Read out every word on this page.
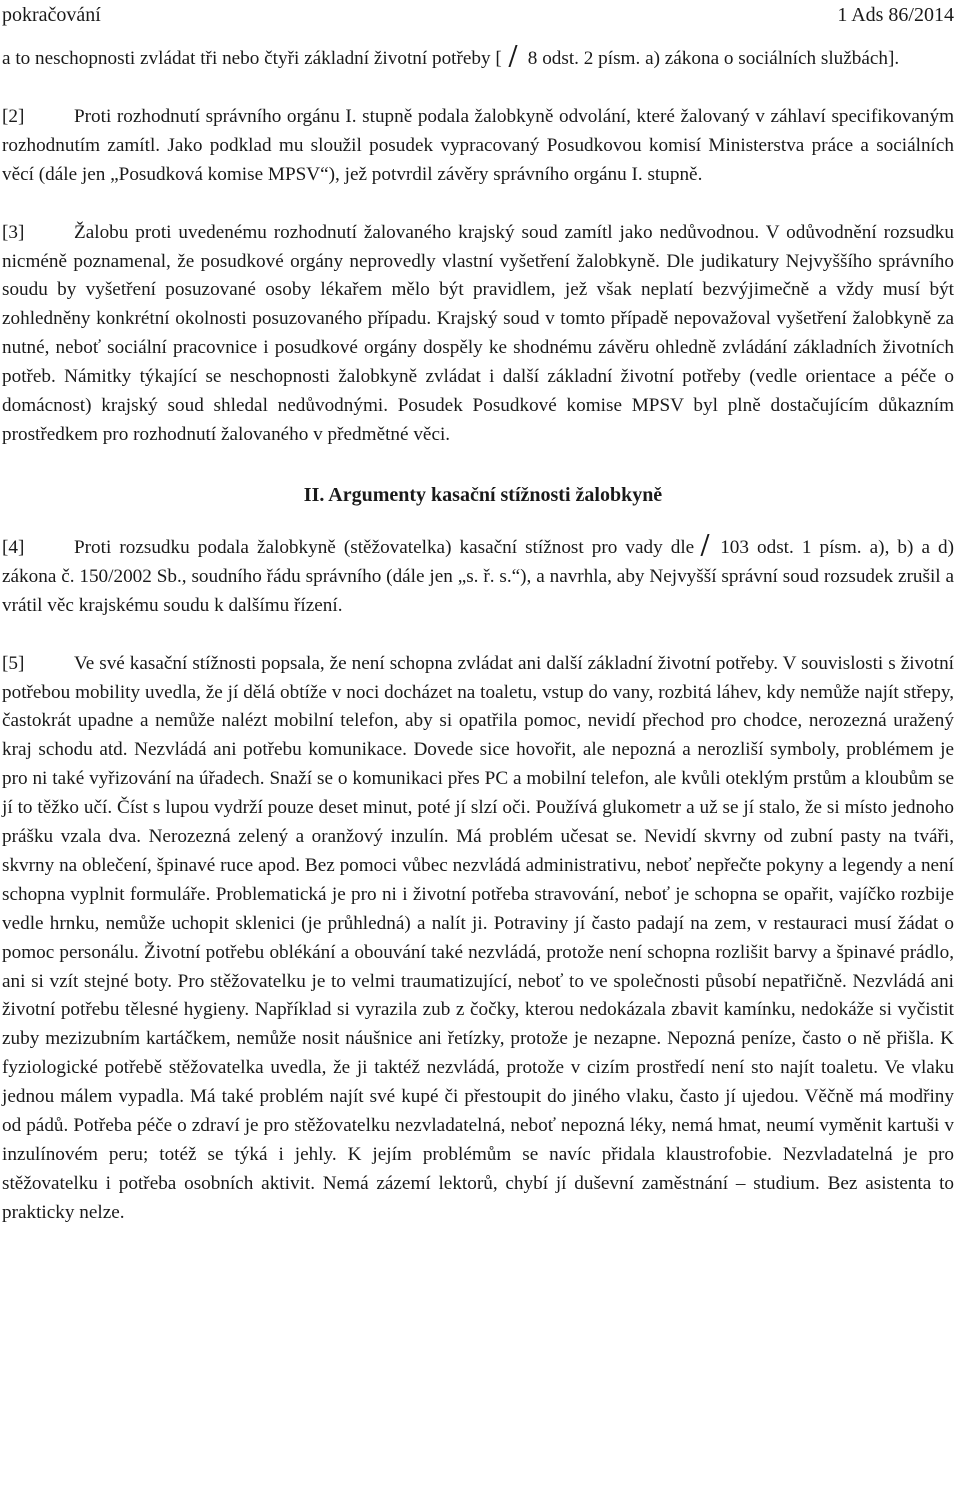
pokračování	1 Ads 86/2014

a to neschopnosti zvládat tři nebo čtyři základní životní potřeby [ 8 odst. 2 písm. a) zákona o sociálních službách].

[2]	Proti rozhodnutí správního orgánu I. stupně podala žalobkyně odvolání, které žalovaný v záhlaví specifikovaným rozhodnutím zamítl. Jako podklad mu sloužil posudek vypracovaný Posudkovou komisí Ministerstva práce a sociálních věcí (dále jen „Posudková komise MPSV“), jež potvrdil závěry správního orgánu I. stupně.

[3]	Žalobu proti uvedenému rozhodnutí žalovaného krajský soud zamítl jako nedůvodnou. V odůvodnění rozsudku nicméně poznamenal, že posudkové orgány neprovedly vlastní vyšetření žalobkyně. Dle judikatury Nejvyššího správního soudu by vyšetření posuzované osoby lékařem mělo být pravidlem, jež však neplatí bezvýjimečně a vždy musí být zohledněny konkrétní okolnosti posuzovaného případu. Krajský soud v tomto případě nepovažoval vyšetření žalobkyně za nutné, neboť sociální pracovnice i posudkové orgány dospěly ke shodnému závěru ohledně zvládání základních životních potřeb. Námitky týkající se neschopnosti žalobkyně zvládat i další základní životní potřeby (vedle orientace a péče o domácnost) krajský soud shledal nedůvodnými. Posudek Posudkové komise MPSV byl plně dostačujícím důkazním prostředkem pro rozhodnutí žalovaného v předmětné věci.

II. Argumenty kasační stížnosti žalobkyně

[4]	Proti rozsudku podala žalobkyně (stěžovatelka) kasační stížnost pro vady dle 103 odst. 1 písm. a), b) a d) zákona č. 150/2002 Sb., soudního řádu správního (dále jen „s. ř. s.“), a navrhla, aby Nejvyšší správní soud rozsudek zrušil a vrátil věc krajskému soudu k dalšímu řízení.

[5]	Ve své kasační stížnosti popsala, že není schopna zvládat ani další základní životní potřeby. V souvislosti s životní potřebou mobility uvedla, že jí dělá obtíže v noci docházet na toaletu, vstup do vany, rozbitá láhev, kdy nemůže najít střepy, častokrát upadne a nemůže nalézt mobilní telefon, aby si opatřila pomoc, nevidí přechod pro chodce, nerozezná uražený kraj schodu atd. Nezvládá ani potřebu komunikace. Dovede sice hovořit, ale nepozná a nerozliší symboly, problémem je pro ni také vyřizování na úřadech. Snaží se o komunikaci přes PC a mobilní telefon, ale kvůli oteklým prstům a kloubům se jí to těžko učí. Číst s lupou vydrží pouze deset minut, poté jí slzí oči. Používá glukometr a už se jí stalo, že si místo jednoho prášku vzala dva. Nerozezná zelený a oranžový inzulín. Má problém učesat se. Nevidí skvrny od zubní pasty na tváři, skvrny na oblečení, špinavé ruce apod. Bez pomoci vůbec nezvládá administrativu, neboť nepřečte pokyny a legendy a není schopna vyplnit formuláře. Problematická je pro ni i životní potřeba stravování, neboť je schopna se opařit, vajíčko rozbije vedle hrnku, nemůže uchopit sklenici (je průhledná) a nalít ji. Potraviny jí často padají na zem, v restauraci musí žádat o pomoc personálu. Životní potřebu oblékání a obouvání také nezvládá, protože není schopna rozlišit barvy a špinavé prádlo, ani si vzít stejné boty. Pro stěžovatelku je to velmi traumatizující, neboť to ve společnosti působí nepatřičně. Nezvládá ani životní potřebu tělesné hygieny. Například si vyrazila zub z čočky, kterou nedokázala zbavit kamínku, nedokáže si vyčistit zuby mezizubním kartáčkem, nemůže nosit náušnice ani řetízky, protože je nezapne. Nepozná peníze, často o ně přišla. K fyziologické potřebě stěžovatelka uvedla, že ji taktéž nezvládá, protože v cizím prostředí není sto najít toaletu. Ve vlaku jednou málem vypadla. Má také problém najít své kupé či přestoupit do jiného vlaku, často jí ujedou. Věčně má modřiny od pádů. Potřeba péče o zdraví je pro stěžovatelku nezvladatelná, neboť nepozná léky, nemá hmat, neumí vyměnit kartuši v inzulínovém peru; totéž se týká i jehly. K jejím problémům se navíc přidala klaustrofobie. Nezvladatelná je pro stěžovatelku i potřeba osobních aktivit. Nemá zázemí lektorů, chybí jí duševní zaměstnání – studium. Bez asistenta to prakticky nelze.
